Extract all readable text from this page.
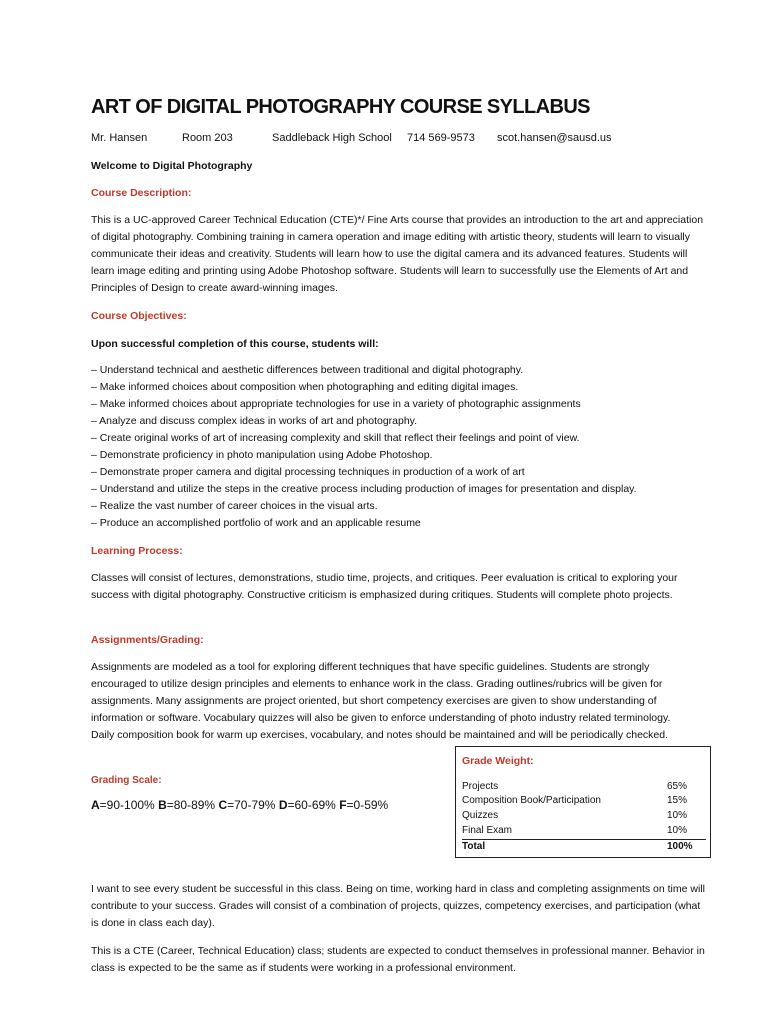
ART OF DIGITAL PHOTOGRAPHY COURSE SYLLABUS
Mr. Hansen	Room 203	Saddleback High School 714 569-9573 scot.hansen@sausd.us

Welcome to Digital Photography

Course Description:

This is a UC-approved Career Technical Education (CTE)*/ Fine Arts course that provides an introduction to the art and appreciation of digital photography. Combining training in camera operation and image editing with artistic theory, students will learn to visually communicate their ideas and creativity. Students will learn how to use the digital camera and its advanced features. Students will learn image editing and printing using Adobe Photoshop software. Students will learn to successfully use the Elements of Art and Principles of Design to create award-winning images.

Course Objectives:

Upon successful completion of this course, students will:

– Understand technical and aesthetic differences between traditional and digital photography.
– Make informed choices about composition when photographing and editing digital images.
– Make informed choices about appropriate technologies for use in a variety of photographic assignments
– Analyze and discuss complex ideas in works of art and photography.
– Create original works of art of increasing complexity and skill that reflect their feelings and point of view.
– Demonstrate proficiency in photo manipulation using Adobe Photoshop.
– Demonstrate proper camera and digital processing techniques in production of a work of art
– Understand and utilize the steps in the creative process including production of images for presentation and display.
– Realize the vast number of career choices in the visual arts.
– Produce an accomplished portfolio of work and an applicable resume

Learning Process:

Classes will consist of lectures, demonstrations, studio time, projects, and critiques. Peer evaluation is critical to exploring your success with digital photography. Constructive criticism is emphasized during critiques. Students will complete photo projects.

Assignments/Grading:

Assignments are modeled as a tool for exploring different techniques that have specific guidelines. Students are strongly encouraged to utilize design principles and elements to enhance work in the class. Grading outlines/rubrics will be given for assignments. Many assignments are project oriented, but short competency exercises are given to show understanding of information or software. Vocabulary quizzes will also be given to enforce understanding of photo industry related terminology. Daily composition book for warm up exercises, vocabulary, and notes should be maintained and will be periodically checked.

Grading Scale:

A=90-100% B=80-89% C=70-79% D=60-69% F=0-59%
Grade Weight:
Projects	65%
Composition Book/Participation	15%
Quizzes	10%
Final Exam	10%
Total	100%

I want to see every student be successful in this class. Being on time, working hard in class and completing assignments on time will contribute to your success. Grades will consist of a combination of projects, quizzes, competency exercises, and participation (what is done in class each day).

This is a CTE (Career, Technical Education) class; students are expected to conduct themselves in professional manner. Behavior in class is expected to be the same as if students were working in a professional environment.
